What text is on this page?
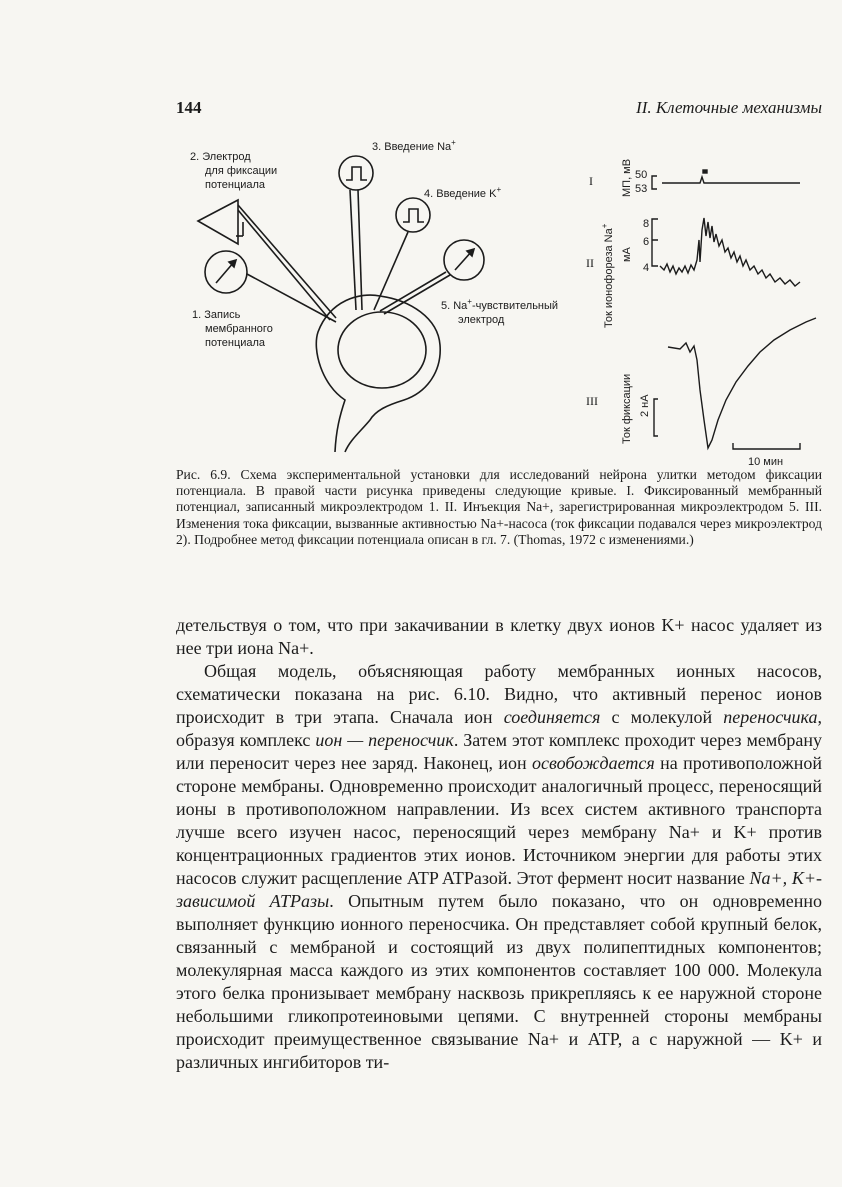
144	II. Клеточные механизмы
2. Электрод
для фиксации
потенциала
3. Введение Na+
4. Введение K+
1. Запись
мембранного
потенциала
5. Na+-чувствительный
электрод
I
II
III
МП, мВ 50
53
Ток ионофореза Na+
мА
8
6
4
Ток фиксации 2 нА
10 мин
Рис. 6.9. Схема экспериментальной установки для исследований нейрона улитки методом фиксации потенциала. В правой части рисунка приведены следующие кривые. I. Фиксированный мембранный потенциал, записанный микроэлектродом 1. II. Инъекция Na+, зарегистрированная микроэлектродом 5. III. Изменения тока фиксации, вызванные активностью Na+-насоса (ток фиксации подавался через микроэлектрод 2). Подробнее метод фиксации потенциала описан в гл. 7. (Thomas, 1972 с изменениями.)

детельствуя о том, что при закачивании в клетку двух ионов K+ насос удаляет из нее три иона Na+.

Общая модель, объясняющая работу мембранных ионных насосов, схематически показана на рис. 6.10. Видно, что активный перенос ионов происходит в три этапа. Сначала ион соединяется с молекулой переносчика, образуя комплекс ион — переносчик. Затем этот комплекс проходит через мембрану или переносит через нее заряд. Наконец, ион освобождается на противоположной стороне мембраны. Одновременно происходит аналогичный процесс, переносящий ионы в противоположном направлении. Из всех систем активного транспорта лучше всего изучен насос, переносящий через мембрану Na+ и K+ против концентрационных градиентов этих ионов. Источником энергии для работы этих насосов служит расщепление ATP ATPазой. Этот фермент носит название Na+, K+-зависимой ATPазы. Опытным путем было показано, что он одновременно выполняет функцию ионного переносчика. Он представляет собой крупный белок, связанный с мембраной и состоящий из двух полипептидных компонентов; молекулярная масса каждого из этих компонентов составляет 100 000. Молекула этого белка пронизывает мембрану насквозь прикрепляясь к ее наружной стороне небольшими гликопротеиновыми цепями. С внутренней стороны мембраны происходит преимущественное связывание Na+ и ATP, а с наружной — K+ и различных ингибиторов ти-
